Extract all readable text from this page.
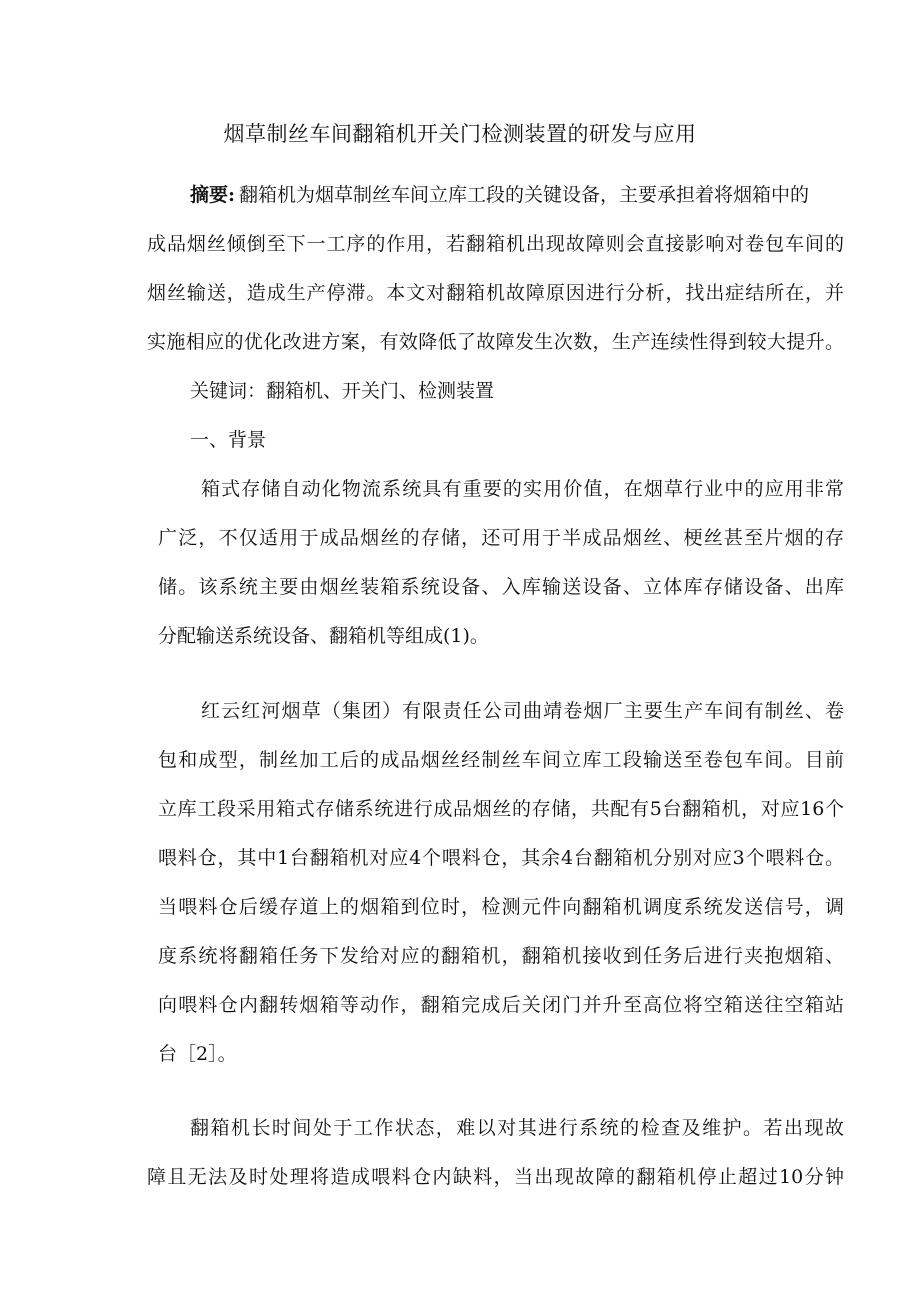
烟草制丝车间翻箱机开关门检测装置的研发与应用
摘要: 翻箱机为烟草制丝车间立库工段的关键设备，主要承担着将烟箱中的
成品烟丝倾倒至下一工序的作用，若翻箱机出现故障则会直接影响对卷包车间的
烟丝输送，造成生产停滞。本文对翻箱机故障原因进行分析，找出症结所在，并
实施相应的优化改进方案，有效降低了故障发生次数，生产连续性得到较大提升。
关键词：翻箱机、开关门、检测装置
一、背景
箱式存储自动化物流系统具有重要的实用价值，在烟草行业中的应用非常
广泛，不仅适用于成品烟丝的存储，还可用于半成品烟丝、梗丝甚至片烟的存
储。该系统主要由烟丝装箱系统设备、入库输送设备、立体库存储设备、出库
分配输送系统设备、翻箱机等组成(1)。
红云红河烟草（集团）有限责任公司曲靖卷烟厂主要生产车间有制丝、卷
包和成型，制丝加工后的成品烟丝经制丝车间立库工段输送至卷包车间。目前
立库工段采用箱式存储系统进行成品烟丝的存储，共配有5台翻箱机，对应16个
喂料仓，其中1台翻箱机对应4个喂料仓，其余4台翻箱机分别对应3个喂料仓。
当喂料仓后缓存道上的烟箱到位时，检测元件向翻箱机调度系统发送信号，调
度系统将翻箱任务下发给对应的翻箱机，翻箱机接收到任务后进行夹抱烟箱、
向喂料仓内翻转烟箱等动作，翻箱完成后关闭门并升至高位将空箱送往空箱站
台［2］。
翻箱机长时间处于工作状态，难以对其进行系统的检查及维护。若出现故
障且无法及时处理将造成喂料仓内缺料，当出现故障的翻箱机停止超过10分钟
